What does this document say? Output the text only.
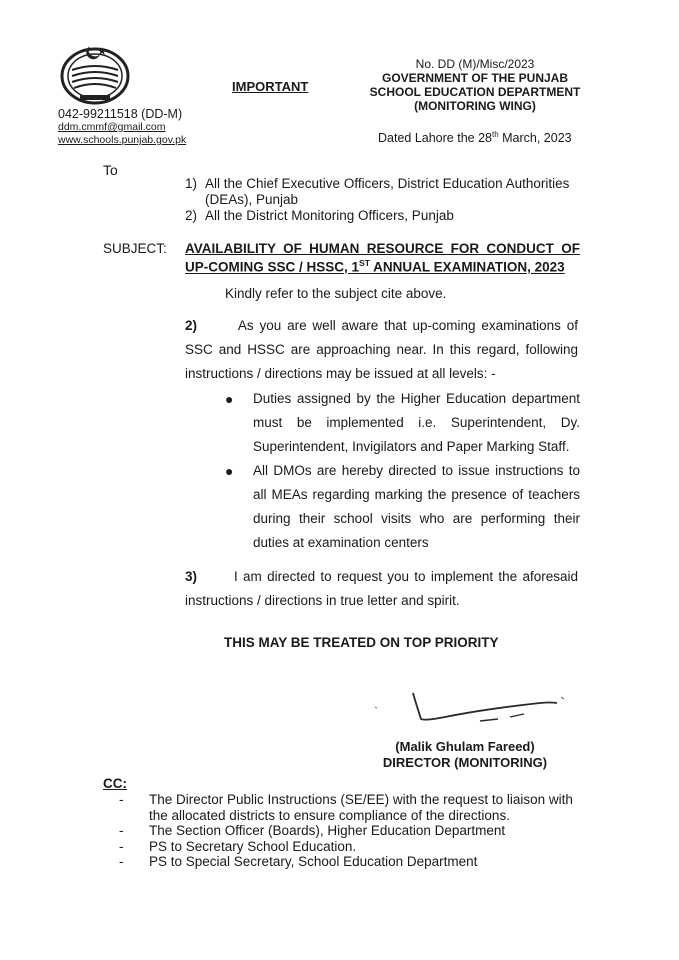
042-99211518 (DD-M)
ddm.cmmf@gmail.com
www.schools.punjab.gov.pk
IMPORTANT
No. DD (M)/Misc/2023
GOVERNMENT OF THE PUNJAB
SCHOOL EDUCATION DEPARTMENT
(MONITORING WING)
Dated Lahore the 28th March, 2023
To
1) All the Chief Executive Officers, District Education Authorities (DEAs), Punjab
2) All the District Monitoring Officers, Punjab
SUBJECT: AVAILABILITY OF HUMAN RESOURCE FOR CONDUCT OF UP-COMING SSC / HSSC, 1ST ANNUAL EXAMINATION, 2023
Kindly refer to the subject cite above.
2)	As you are well aware that up-coming examinations of SSC and HSSC are approaching near. In this regard, following instructions / directions may be issued at all levels: -
●	Duties assigned by the Higher Education department must be implemented i.e. Superintendent, Dy. Superintendent, Invigilators and Paper Marking Staff.
●	All DMOs are hereby directed to issue instructions to all MEAs regarding marking the presence of teachers during their school visits who are performing their duties at examination centers
3)	I am directed to request you to implement the aforesaid instructions / directions in true letter and spirit.
THIS MAY BE TREATED ON TOP PRIORITY
(Malik Ghulam Fareed)
DIRECTOR (MONITORING)
CC:
-	The Director Public Instructions (SE/EE) with the request to liaison with the allocated districts to ensure compliance of the directions.
-	The Section Officer (Boards), Higher Education Department
-	PS to Secretary School Education.
-	PS to Special Secretary, School Education Department
